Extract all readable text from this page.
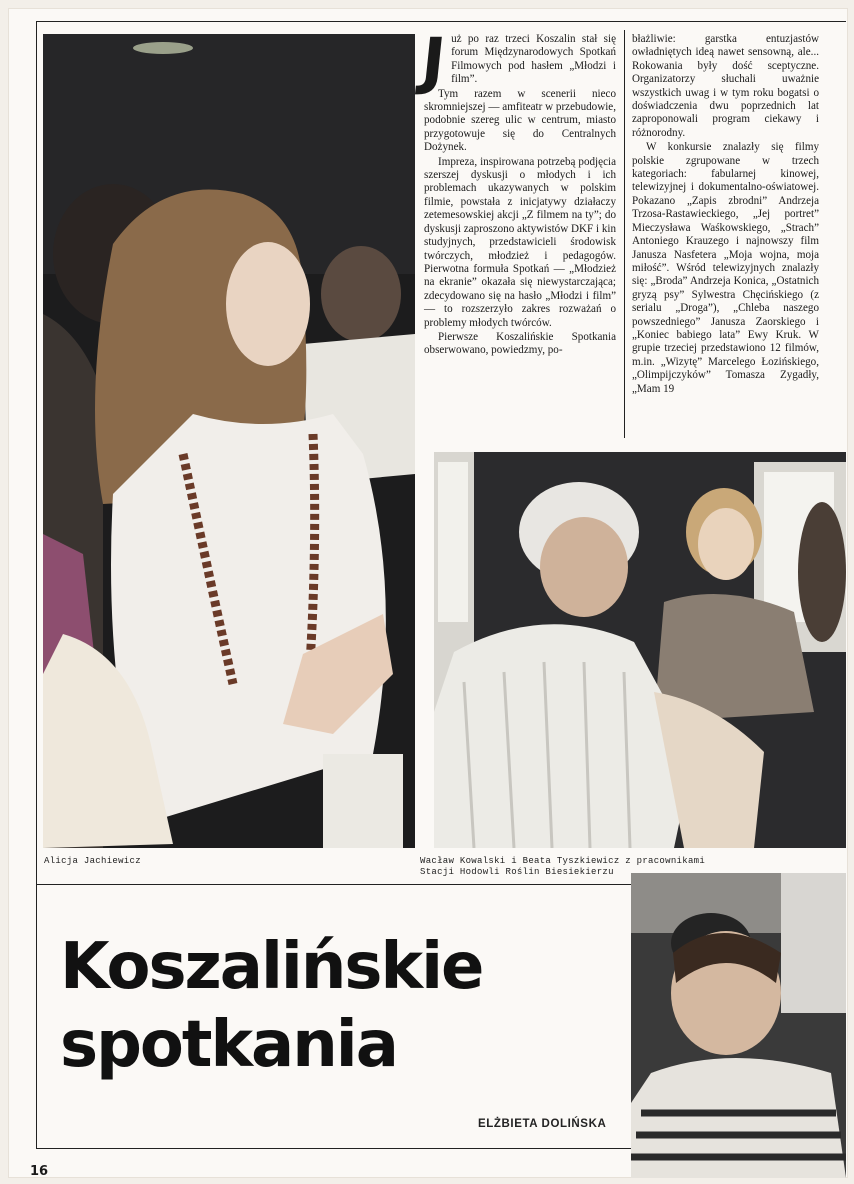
J uż po raz trzeci Koszalin stał się forum Międzynarodowych Spotkań Filmowych pod hasłem „Młodzi i film”.

Tym razem w scenerii nieco skromniejszej — amfiteatr w przebudowie, podobnie szereg ulic w centrum, miasto przygotowuje się do Centralnych Dożynek.

Impreza, inspirowana potrzebą podjęcia szerszej dyskusji o młodych i ich problemach ukazywanych w polskim filmie, powstała z inicjatywy działaczy zetemesowskiej akcji „Z filmem na ty”; do dyskusji zaproszono aktywistów DKF i kin studyjnych, przedstawicieli środowisk twórczych, młodzież i pedagogów. Pierwotna formuła Spotkań — „Młodzież na ekranie” okazała się niewystarczająca; zdecydowano się na hasło „Młodzi i film” — to rozszerzyło zakres rozważań o problemy młodych twórców.

Pierwsze Koszalińskie Spotkania obserwowano, powiedzmy, po-

błażliwie: garstka entuzjastów owładniętych ideą nawet sensowną, ale... Rokowania były dość sceptyczne. Organizatorzy słuchali uważnie wszystkich uwag i w tym roku bogatsi o doświadczenia dwu poprzednich lat zaproponowali program ciekawy i różnorodny.

W konkursie znalazły się filmy polskie zgrupowane w trzech kategoriach: fabularnej kinowej, telewizyjnej i dokumentalno-oświatowej. Pokazano „Zapis zbrodni” Andrzeja Trzosa-Rastawieckiego, „Jej portret” Mieczysława Waśkowskiego, „Strach” Antoniego Krauzego i najnowszy film Janusza Nasfetera „Moja wojna, moja miłość”. Wśród telewizyjnych znalazły się: „Broda” Andrzeja Konica, „Ostatnich gryzą psy” Sylwestra Chęcińskiego (z serialu „Droga”), „Chleba naszego powszedniego” Janusza Zaorskiego i „Koniec babiego lata” Ewy Kruk. W grupie trzeciej przedstawiono 12 filmów, m.in. „Wizytę” Marcelego Łozińskiego, „Olimpijczyków” Tomasza Zygadły, „Mam 19

Alicja Jachiewicz	Wacław Kowalski i Beata Tyszkiewicz z pracownikami
Stacji Hodowli Roślin Biesiekierzu
Koszalińskie
spotkania
ELŻBIETA DOLIŃSKA
16
